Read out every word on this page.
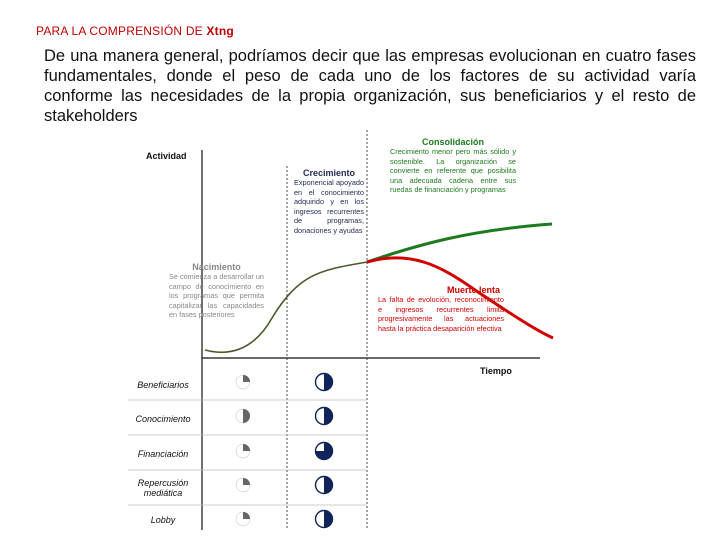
PARA LA COMPRENSIÓN DE Xtng
De una manera general, podríamos decir que las empresas evolucionan en cuatro fases fundamentales, donde el peso de cada uno de los factores de su actividad varía conforme las necesidades de la propia organización, sus beneficiarios y el resto de stakeholders
Actividad
Tiempo
Nacimiento
Se comienza a desarrollar un campo de conocimiento en los programas que permita capitalizar las capacidades en fases posteriores
Crecimiento
Exponencial apoyado en el conocimiento adquirido y en los ingresos recurrentes de programas, donaciones y ayudas
Consolidación
Crecimiento menor pero más sólido y sostenible. La organización se convierte en referente que posibilita una adecuada cadena entre sus ruedas de financiación y programas
Muerte lenta
La falta de evolución, reconocimiento e ingresos recurrentes limita progresivamente las actuaciones hasta la práctica desaparición efectiva
Beneficiarios
Conocimiento
Financiación
Repercusión mediática
Lobby
